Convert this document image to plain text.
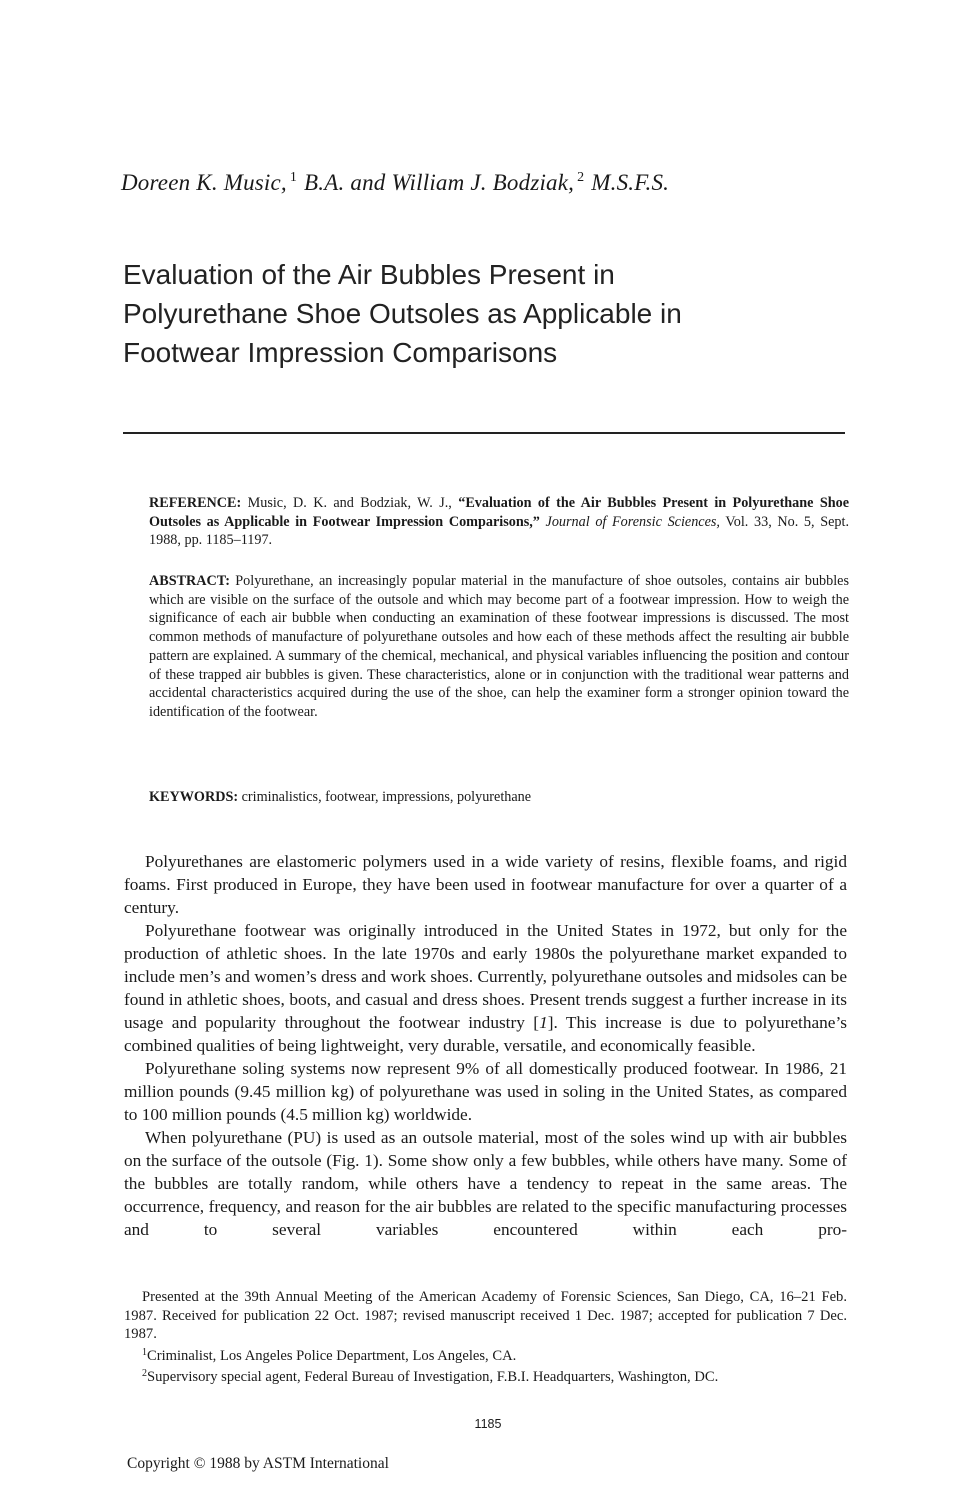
Doreen K. Music, $^1$ B.A. and William J. Bodziak, $^2$ M.S.F.S.
Evaluation of the Air Bubbles Present in
Polyurethane Shoe Outsoles as Applicable in
Footwear Impression Comparisons
REFERENCE: Music, D. K. and Bodziak, W. J., “Evaluation of the Air Bubbles Present in Polyurethane Shoe Outsoles as Applicable in Footwear Impression Comparisons,” Journal of Forensic Sciences, Vol. 33, No. 5, Sept. 1988, pp. 1185–1197.
ABSTRACT: Polyurethane, an increasingly popular material in the manufacture of shoe outsoles, contains air bubbles which are visible on the surface of the outsole and which may become part of a footwear impression. How to weigh the significance of each air bubble when conducting an examination of these footwear impressions is discussed. The most common methods of manufacture of polyurethane outsoles and how each of these methods affect the resulting air bubble pattern are explained. A summary of the chemical, mechanical, and physical variables influencing the position and contour of these trapped air bubbles is given. These characteristics, alone or in conjunction with the traditional wear patterns and accidental characteristics acquired during the use of the shoe, can help the examiner form a stronger opinion toward the identification of the footwear.
KEYWORDS: criminalistics, footwear, impressions, polyurethane

Polyurethanes are elastomeric polymers used in a wide variety of resins, flexible foams, and rigid foams. First produced in Europe, they have been used in footwear manufacture for over a quarter of a century.

Polyurethane footwear was originally introduced in the United States in 1972, but only for the production of athletic shoes. In the late 1970s and early 1980s the polyurethane market expanded to include men’s and women’s dress and work shoes. Currently, polyurethane outsoles and midsoles can be found in athletic shoes, boots, and casual and dress shoes. Present trends suggest a further increase in its usage and popularity throughout the footwear industry [1]. This increase is due to polyurethane’s combined qualities of being lightweight, very durable, versatile, and economically feasible.

Polyurethane soling systems now represent 9% of all domestically produced footwear. In 1986, 21 million pounds (9.45 million kg) of polyurethane was used in soling in the United States, as compared to 100 million pounds (4.5 million kg) worldwide.

When polyurethane (PU) is used as an outsole material, most of the soles wind up with air bubbles on the surface of the outsole (Fig. 1). Some show only a few bubbles, while others have many. Some of the bubbles are totally random, while others have a tendency to repeat in the same areas. The occurrence, frequency, and reason for the air bubbles are related to the specific manufacturing processes and to several variables encountered within each pro-

Presented at the 39th Annual Meeting of the American Academy of Forensic Sciences, San Diego, CA, 16–21 Feb. 1987. Received for publication 22 Oct. 1987; revised manuscript received 1 Dec. 1987; accepted for publication 7 Dec. 1987.

$^1$Criminalist, Los Angeles Police Department, Los Angeles, CA.

$^2$Supervisory special agent, Federal Bureau of Investigation, F.B.I. Headquarters, Washington, DC.

1185
Copyright © 1988 by ASTM International
